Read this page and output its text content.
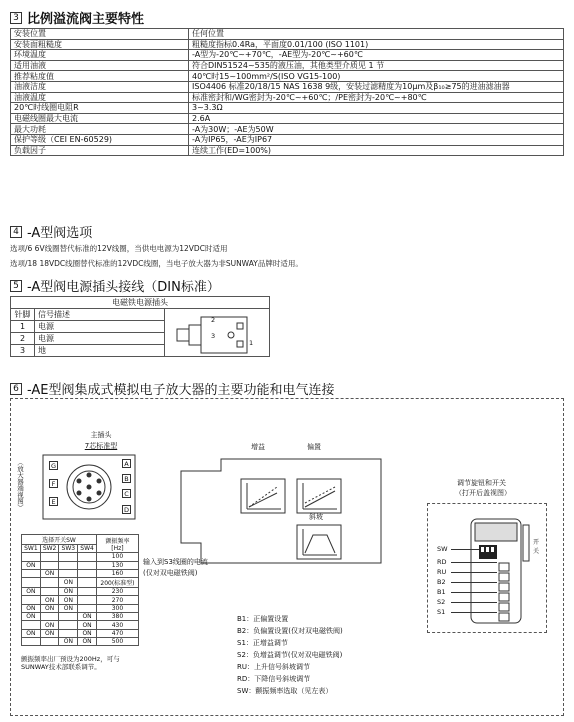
3 比例溢流阀主要特性
安装位置	任何位置
安装面粗糙度	粗糙度指标0.4Ra，平面度0.01/100 (ISO 1101)
环境温度	-A型为-20℃~+70℃，-AE型为-20℃~+60℃
适用油液	符合DIN51524~535的液压油，其他类型介质见 1 节
推荐粘度值	40℃时15~100mm²/S(ISO VG15-100)
油液洁度	ISO4406 标准20/18/15 NAS 1638 9级，安装过滤精度为10μm及β₁₀≥75的进油滤油器
油液温度	标准密封和/WG密封为-20℃~+60℃；/PE密封为-20℃~+80℃
20℃时线圈电阻R	3~3.3Ω
电磁线圈最大电流	2.6A
最大功耗	-A为30W；-AE为50W
保护等级（CEI EN-60529)	-A为IP65，-AE为IP67
负载因子	连续工作(ED=100%)
4 -A型阀选项
选项/6 6V线圈替代标准的12V线圈，当供电电源为12VDC时适用
选项/18 18VDC线圈替代标准的12VDC线圈，当电子放大器为非SUNWAY品牌时适用。
5 -A型阀电源插头接线（DIN标准）
电磁铁电源插头		
针脚	信号描述	2
3
1

1	电源	
2	电源	
3	地	
6 -AE型阀集成式模拟电子放大器的主要功能和电气连接
主插头
7芯标准型
（放大器端视图）	G
F
E
A
B
C
D
选择开关SW				颤振频率
[Hz]
SW1	SW2	SW3	SW4	
				100
ON				130
	ON			160
		ON		200(标准型)
ON		ON		230
	ON	ON		270
ON	ON	ON		300
ON			ON	380
	ON		ON	430
ON	ON		ON	470
		ON	ON	500
颤振频率出厂预设为200Hz，可与SUNWAY技术部联系调节。
增益	偏置
斜坡
输入到S3线圈的电流
(仅对双电磁铁阀)
调节旋钮和开关
（打开后盖视图）
开关
SW
RD
RU
B2
B1
S2
S1
B1：正偏置设置
B2：负偏置设置(仅对双电磁铁阀)
S1：正增益调节
S2：负增益调节(仅对双电磁铁阀)
RU：上升信号斜坡调节
RD：下降信号斜坡调节
SW：颤振频率选取（见左表）
